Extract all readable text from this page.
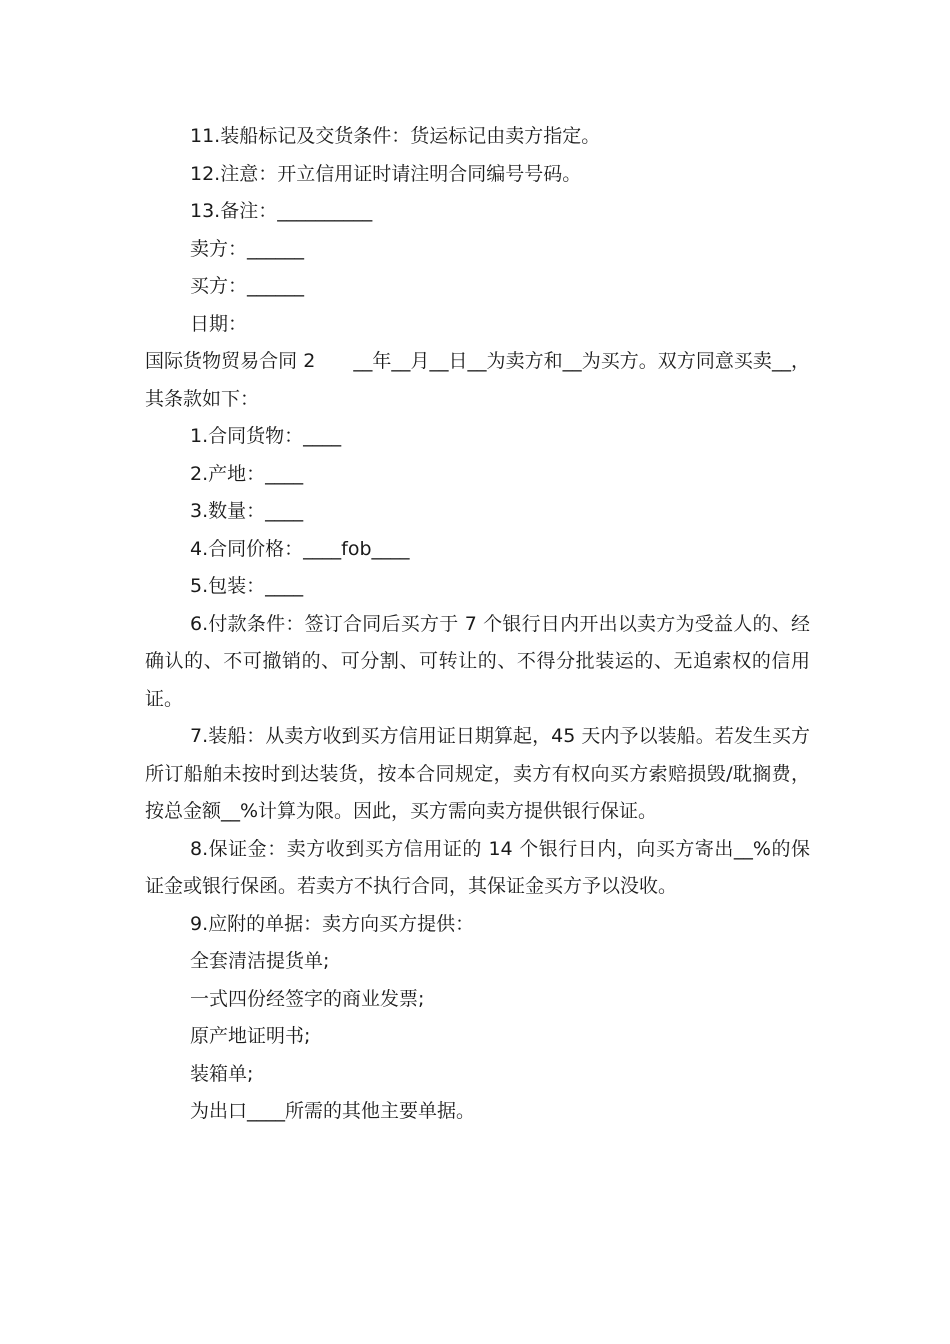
11.装船标记及交货条件：货运标记由卖方指定。

12.注意：开立信用证时请注明合同编号号码。

13.备注：__________

卖方：______

买方：______

日期：

国际货物贸易合同 2 __年__月__日__为卖方和__为买方。双方同意买卖__，其条款如下：

1.合同货物：____

2.产地：____

3.数量：____

4.合同价格：____fob____

5.包装：____

6.付款条件：签订合同后买方于 7 个银行日内开出以卖方为受益人的、经确认的、不可撤销的、可分割、可转让的、不得分批装运的、无追索权的信用证。

7.装船：从卖方收到买方信用证日期算起，45 天内予以装船。若发生买方所订船舶未按时到达装货，按本合同规定，卖方有权向买方索赔损毁/耽搁费，按总金额__%计算为限。因此，买方需向卖方提供银行保证。

8.保证金：卖方收到买方信用证的 14 个银行日内，向买方寄出__%的保证金或银行保函。若卖方不执行合同，其保证金买方予以没收。

9.应附的单据：卖方向买方提供：

全套清洁提货单;

一式四份经签字的商业发票;

原产地证明书;

装箱单;

为出口____所需的其他主要单据。
